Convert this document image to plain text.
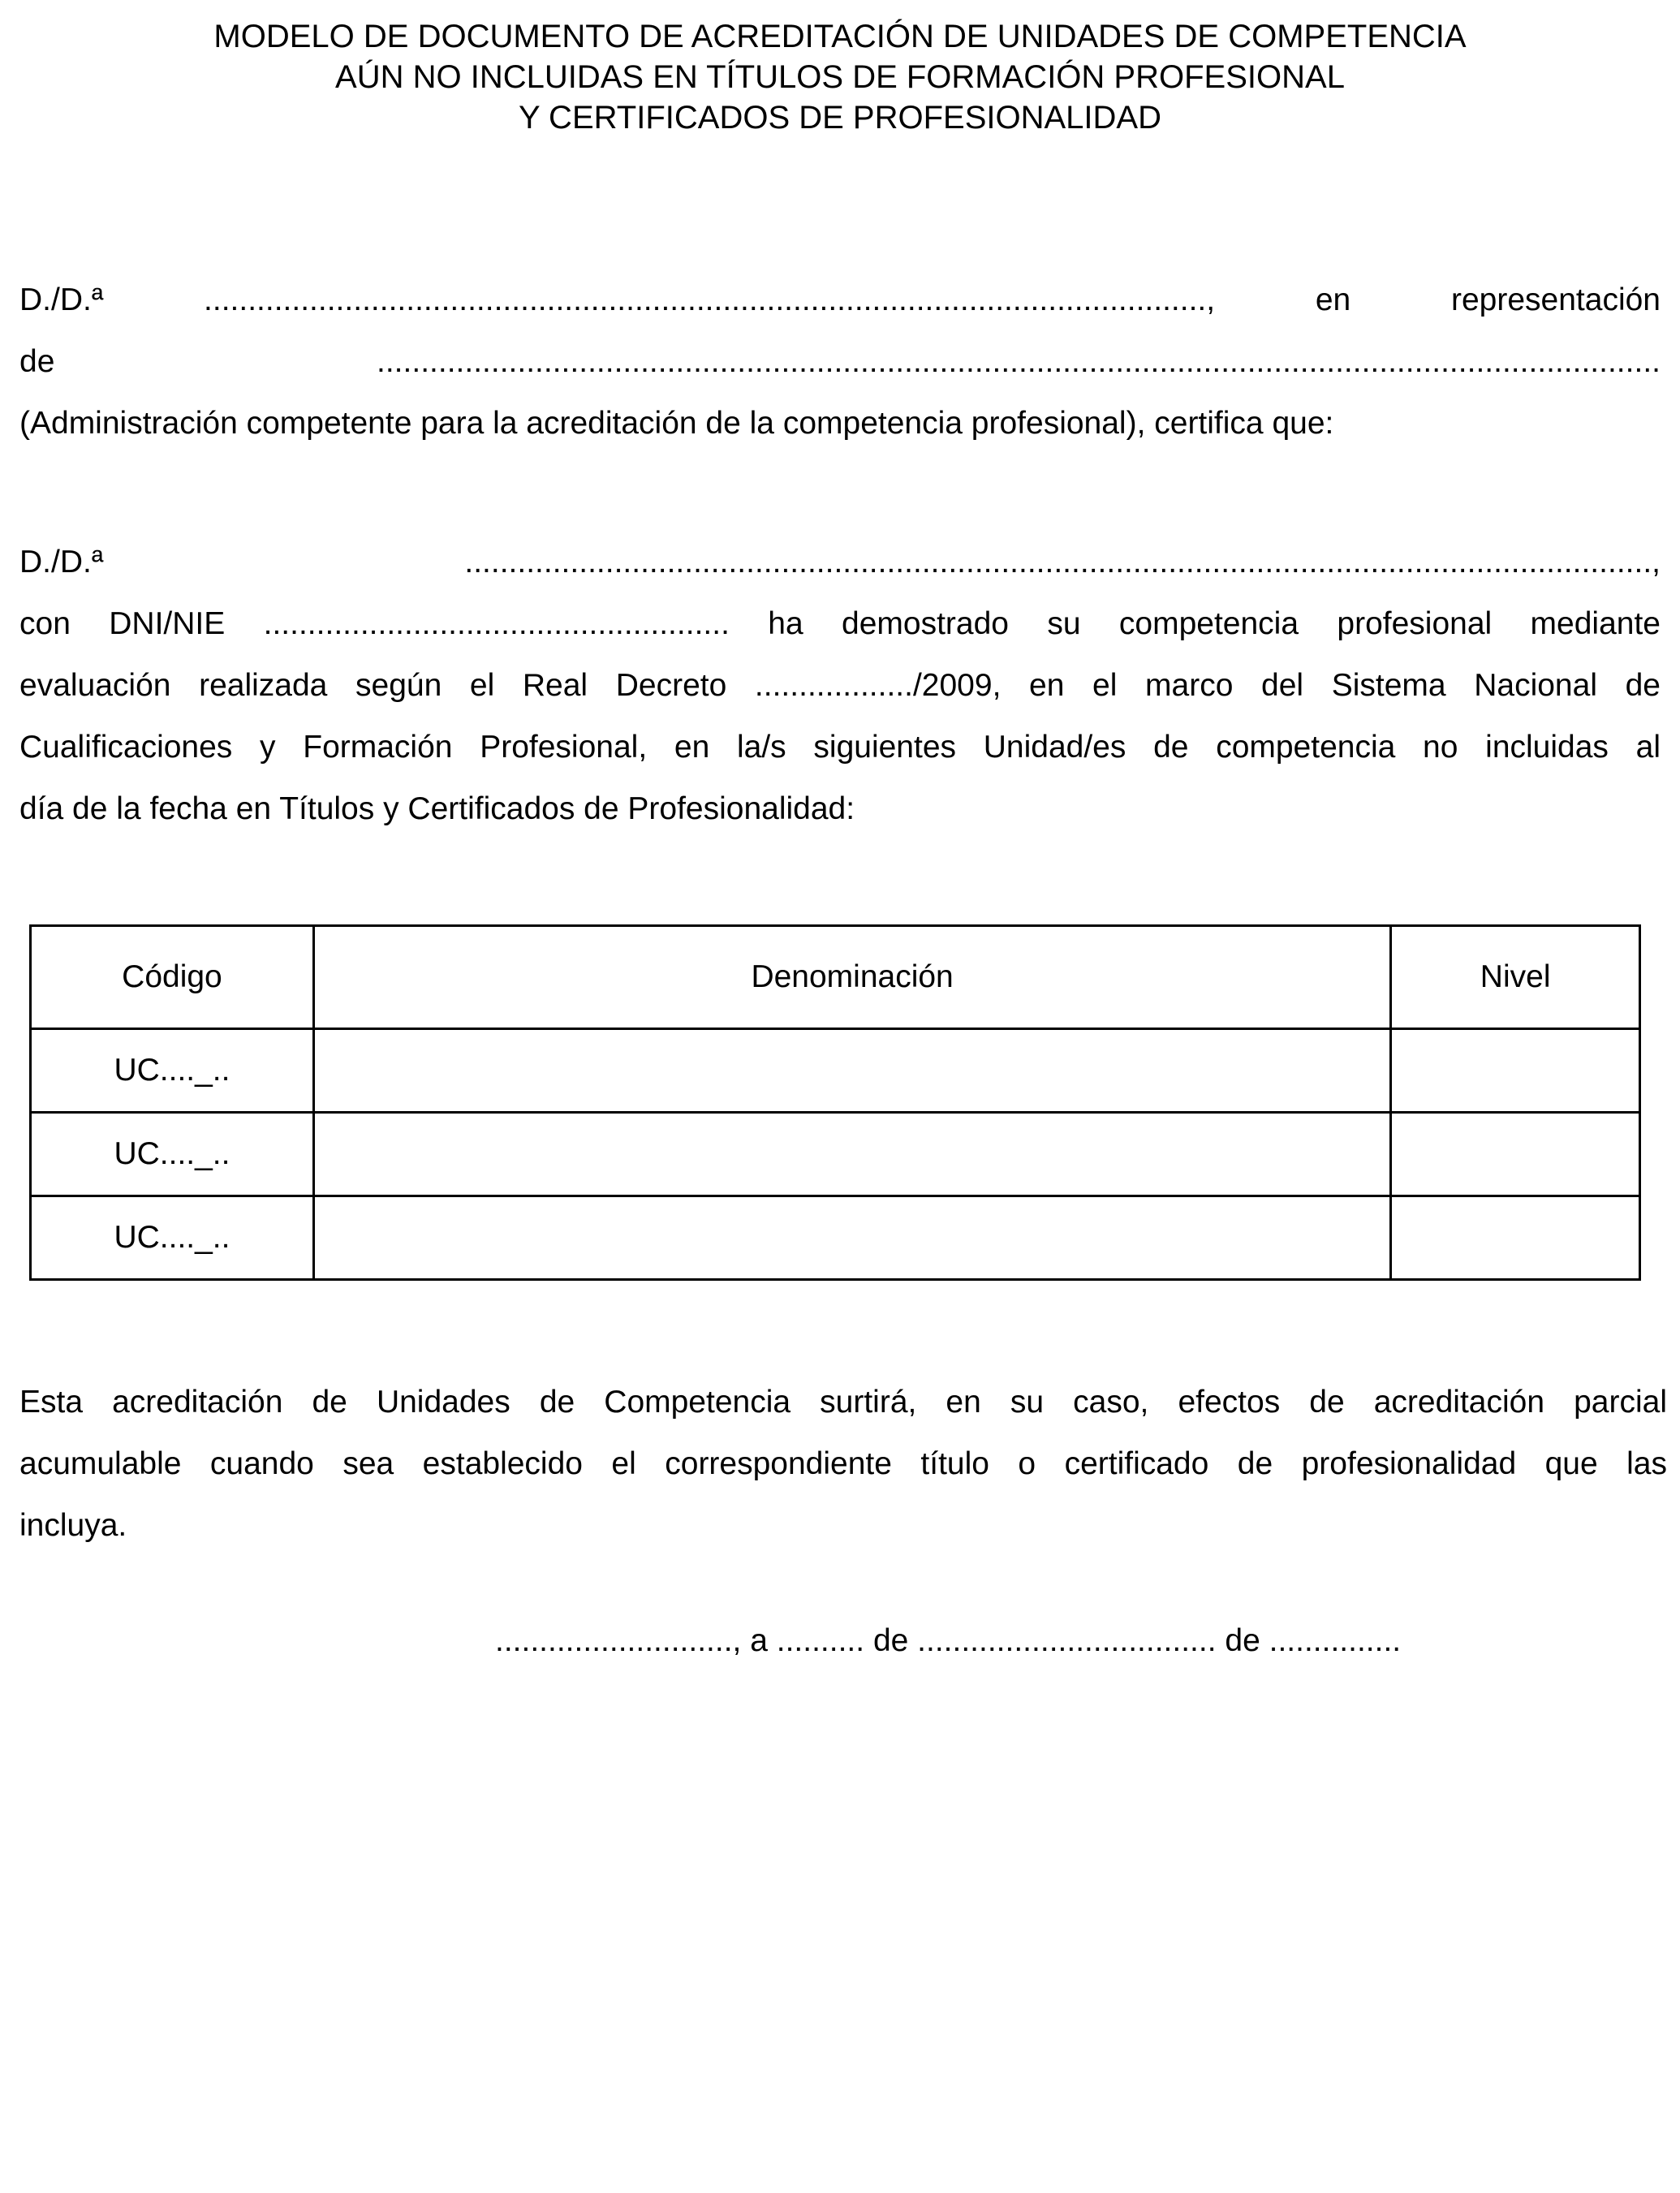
MODELO DE DOCUMENTO DE ACREDITACIÓN DE UNIDADES DE COMPETENCIA
AÚN NO INCLUIDAS EN TÍTULOS DE FORMACIÓN PROFESIONAL
Y CERTIFICADOS DE PROFESIONALIDAD
D./D.ª .................................................................................................................., en representación
de ..................................................................................................................................................
(Administración competente para la acreditación de la competencia profesional), certifica que:
D./D.ª .......................................................................................................................................,
con DNI/NIE ..................................................... ha demostrado su competencia profesional mediante
evaluación realizada según el Real Decreto ................../2009, en el marco del Sistema Nacional de
Cualificaciones y Formación Profesional, en la/s siguientes Unidad/es de competencia no incluidas al
día de la fecha en Títulos y Certificados de Profesionalidad:
Código	Denominación	Nivel
UC...._..		
UC...._..		
UC...._..		
Esta acreditación de Unidades de Competencia surtirá, en su caso, efectos de acreditación parcial
acumulable cuando sea establecido el correspondiente título o certificado de profesionalidad que las
incluya.
..........................., a .......... de .................................. de ...............
